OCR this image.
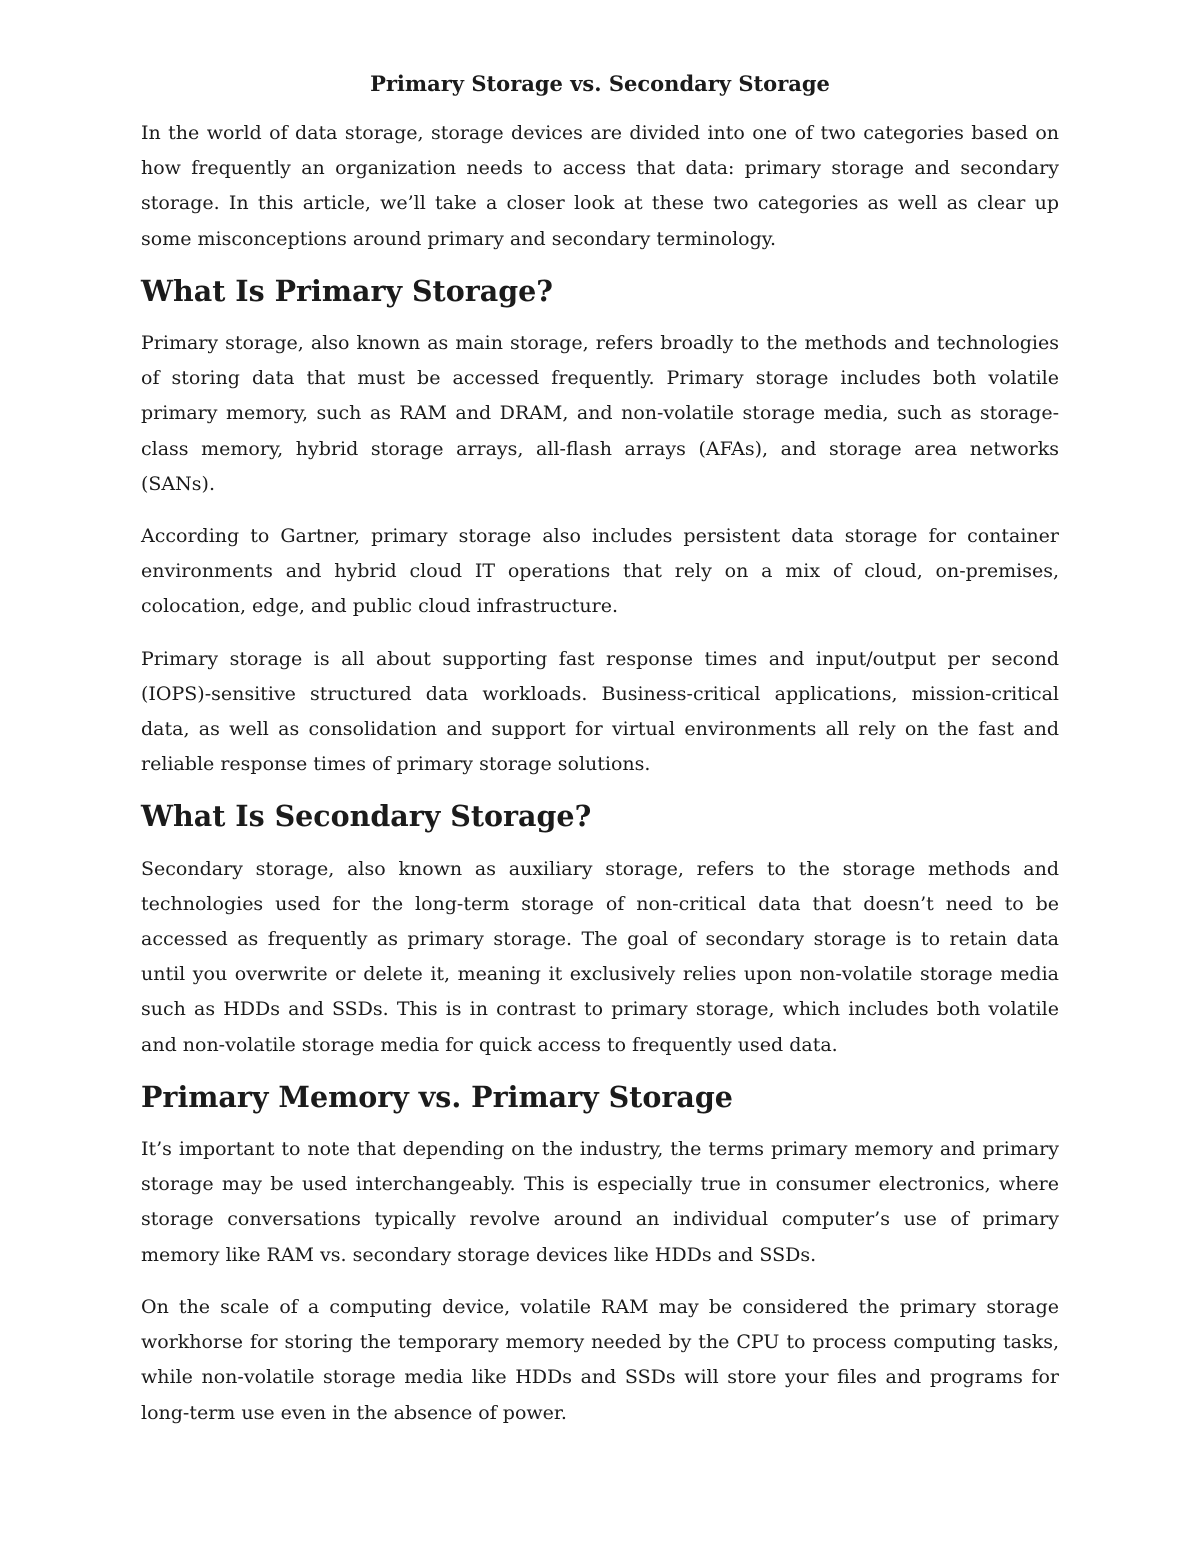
Primary Storage vs. Secondary Storage

In the world of data storage, storage devices are divided into one of two categories based on how frequently an organization needs to access that data: primary storage and secondary storage. In this article, we’ll take a closer look at these two categories as well as clear up some misconceptions around primary and secondary terminology.

What Is Primary Storage?

Primary storage, also known as main storage, refers broadly to the methods and technologies of storing data that must be accessed frequently. Primary storage includes both volatile primary memory, such as RAM and DRAM, and non-volatile storage media, such as storage-class memory, hybrid storage arrays, all-flash arrays (AFAs), and storage area networks (SANs).

According to Gartner, primary storage also includes persistent data storage for container environments and hybrid cloud IT operations that rely on a mix of cloud, on-premises, colocation, edge, and public cloud infrastructure.

Primary storage is all about supporting fast response times and input/output per second (IOPS)-sensitive structured data workloads. Business-critical applications, mission-critical data, as well as consolidation and support for virtual environments all rely on the fast and reliable response times of primary storage solutions.

What Is Secondary Storage?

Secondary storage, also known as auxiliary storage, refers to the storage methods and technologies used for the long-term storage of non-critical data that doesn’t need to be accessed as frequently as primary storage. The goal of secondary storage is to retain data until you overwrite or delete it, meaning it exclusively relies upon non-volatile storage media such as HDDs and SSDs. This is in contrast to primary storage, which includes both volatile and non-volatile storage media for quick access to frequently used data.

Primary Memory vs. Primary Storage

It’s important to note that depending on the industry, the terms primary memory and primary storage may be used interchangeably. This is especially true in consumer electronics, where storage conversations typically revolve around an individual computer’s use of primary memory like RAM vs. secondary storage devices like HDDs and SSDs.

On the scale of a computing device, volatile RAM may be considered the primary storage workhorse for storing the temporary memory needed by the CPU to process computing tasks, while non-volatile storage media like HDDs and SSDs will store your files and programs for long-term use even in the absence of power.
